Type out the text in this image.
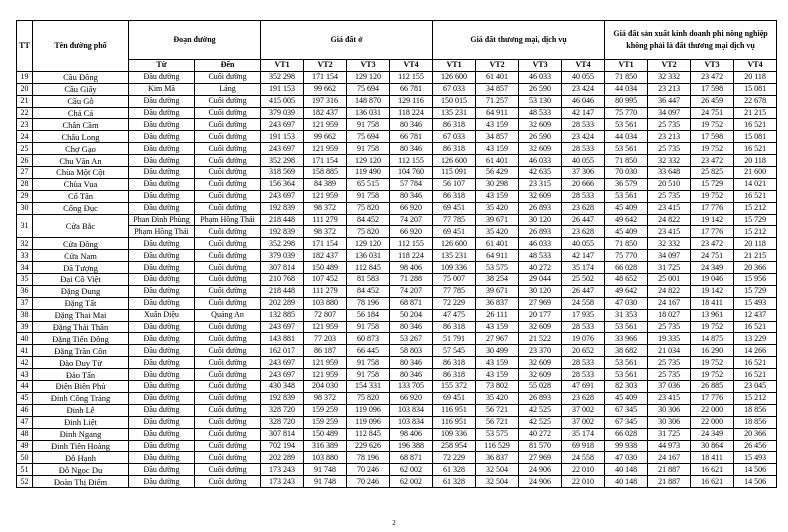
TT	Tên đường phố	Đoạn đường		Giá đất ở				Giá đất thương mại, dịch vụ				Giá đất sản xuất kinh doanh phi nông nghiệp không phải là đất thương mại dịch vụ			
		Từ	Đến	VT1	VT2	VT3	VT4	VT1	VT2	VT3	VT4	VT1	VT2	VT3	VT4
19	Cầu Đông	Đầu đường	Cuối đường	352 298	171 154	129 120	112 155	126 600	61 401	46 033	40 055	71 850	32 332	23 472	20 118
20	Cầu Giấy	Kim Mã	Láng	191 153	99 662	75 694	66 781	67 033	34 857	26 590	23 424	44 034	23 213	17 598	15 081
21	Cầu Gỗ	Đầu đường	Cuối đường	415 005	197 316	148 870	129 116	150 015	71 257	53 130	46 046	80 995	36 447	26 459	22 678
22	Chả Cá	Đầu đường	Cuối đường	379 039	182 437	136 031	118 224	135 231	64 911	48 533	42 147	75 770	34 097	24 751	21 215
23	Chân Cầm	Đầu đường	Cuối đường	243 697	121 959	91 758	80 346	86 318	43 159	32 609	28 533	53 561	25 735	19 752	16 521
24	Châu Long	Đầu đường	Cuối đường	191 153	99 662	75 694	66 781	67 033	34 857	26 590	23 424	44 034	23 213	17 598	15 081
25	Chợ Gạo	Đầu đường	Cuối đường	243 697	121 959	91 758	80 346	86 318	43 159	32 609	28 533	53 561	25 735	19 752	16 521
26	Chu Văn An	Đầu đường	Cuối đường	352 298	171 154	129 120	112 155	126 600	61 401	46 033	40 055	71 850	32 332	23 472	20 118
27	Chùa Một Cột	Đầu đường	Cuối đường	318 569	158 885	119 490	104 760	115 091	56 429	42 635	37 306	70 030	33 648	25 825	21 600
28	Chùa Vua	Đầu đường	Cuối đường	156 364	84 389	65 515	57 784	56 107	30 298	23 315	20 666	36 579	20 510	15 729	14 021
29	Cổ Tân	Đầu đường	Cuối đường	243 697	121 959	91 758	80 346	86 318	43 159	32 609	28 533	53 561	25 735	19 752	16 521
30	Cổng Đục	Đầu đường	Cuối đường	192 839	98 372	75 820	66 920	69 451	35 420	26 893	23 628	45 409	23 415	17 776	15 212
31	Cửa Bắc	Phan Đình Phùng	Phạm Hồng Thái	218 448	111 279	84 452	74 207	77 785	39 671	30 120	26 447	49 642	24 822	19 142	15 729
		Phạm Hồng Thái	Cuối đường	192 839	98 372	75 820	66 920	69 451	35 420	26 893	23 628	45 409	23 415	17 776	15 212
32	Cửa Đông	Đầu đường	Cuối đường	352 298	171 154	129 120	112 155	126 600	61 401	46 033	40 055	71 850	32 332	23 472	20 118
33	Cửa Nam	Đầu đường	Cuối đường	379 039	182 437	136 031	118 224	135 231	64 911	48 533	42 147	75 770	34 097	24 751	21 215
34	Dã Tượng	Đầu đường	Cuối đường	307 814	150 489	112 845	98 406	109 336	53 575	40 272	35 174	66 028	31 725	24 349	20 366
35	Đại Cồ Việt	Đầu đường	Cuối đường	210 768	107 452	81 583	71 288	75 007	38 254	29 044	25 502	48 652	25 001	19 046	15 956
36	Đặng Dung	Đầu đường	Cuối đường	218 448	111 279	84 452	74 207	77 785	39 671	30 120	26 447	49 642	24 822	19 142	15 729
37	Đặng Tất	Đầu đường	Cuối đường	202 289	103 880	78 196	68 871	72 229	36 837	27 969	24 558	47 030	24 167	18 411	15 493
38	Đặng Thai Mai	Xuân Diệu	Quảng An	132 885	72 807	56 184	50 204	47 475	26 111	20 177	17 935	31 353	18 027	13 961	12 437
39	Đặng Thái Thân	Đầu đường	Cuối đường	243 697	121 959	91 758	80 346	86 318	43 159	32 609	28 533	53 561	25 735	19 752	16 521
40	Đặng Tiến Đông	Đầu đường	Cuối đường	143 881	77 203	60 873	53 267	51 791	27 967	21 522	19 076	33 966	19 335	14 875	13 229
41	Đặng Trần Côn	Đầu đường	Cuối đường	162 017	86 187	66 445	58 803	57 545	30 499	23 370	20 652	38 682	21 034	16 290	14 266
42	Đào Duy Từ	Đầu đường	Cuối đường	243 697	121 959	91 758	80 346	86 318	43 159	32 609	28 533	53 561	25 735	19 752	16 521
43	Đào Tấn	Đầu đường	Cuối đường	243 697	121 959	91 758	80 346	86 318	43 159	32 609	28 533	53 561	25 735	19 752	16 521
44	Điện Biên Phủ	Đầu đường	Cuối đường	430 348	204 030	154 331	133 705	155 372	73 802	55 028	47 691	82 303	37 036	26 885	23 045
45	Đinh Công Tráng	Đầu đường	Cuối đường	192 839	98 372	75 820	66 920	69 451	35 420	26 893	23 628	45 409	23 415	17 776	15 212
46	Đinh Lễ	Đầu đường	Cuối đường	328 720	159 259	119 096	103 834	116 951	56 721	42 525	37 002	67 345	30 306	22 000	18 856
47	Đinh Liệt	Đầu đường	Cuối đường	328 720	159 259	119 096	103 834	116 951	56 721	42 525	37 002	67 345	30 306	22 000	18 856
48	Đinh Ngang	Đầu đường	Cuối đường	307 814	150 489	112 845	98 406	109 336	53 575	40 272	35 174	66 028	31 725	24 349	20 366
49	Đinh Tiên Hoàng	Đầu đường	Cuối đường	702 194	316 389	229 626	196 388	258 954	116 529	81 570	69 918	99 938	44 973	30 864	26 456
50	Đỗ Hạnh	Đầu đường	Cuối đường	202 289	103 880	78 196	68 871	72 229	36 837	27 969	24 558	47 030	24 167	18 411	15 493
51	Đỗ Ngọc Du	Đầu đường	Cuối đường	173 243	91 748	70 246	62 002	61 328	32 504	24 906	22 010	40 148	21 887	16 621	14 506
52	Đoàn Thị Điểm	Đầu đường	Cuối đường	173 243	91 748	70 246	62 002	61 328	32 504	24 906	22 010	40 148	21 887	16 621	14 506
2
